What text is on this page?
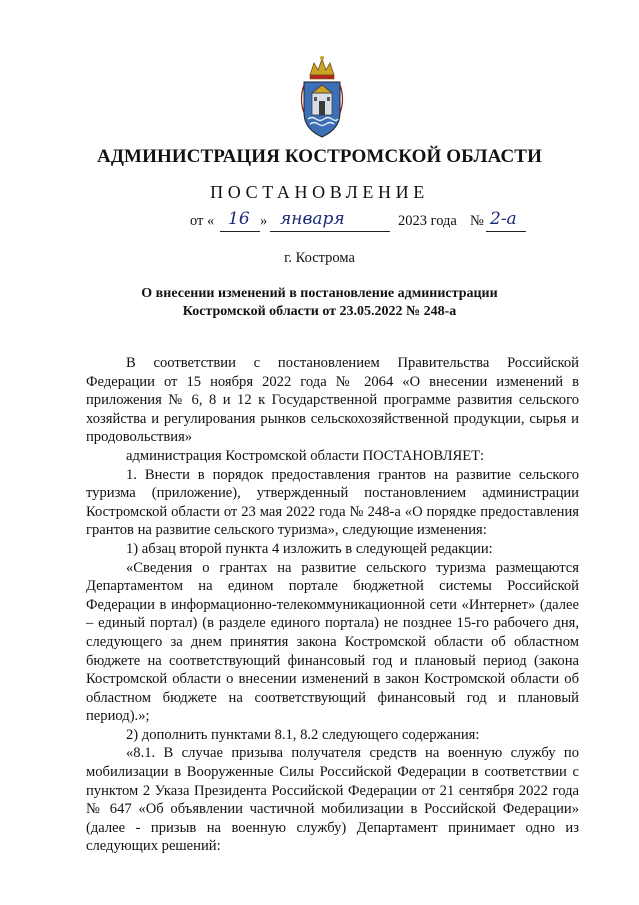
АДМИНИСТРАЦИЯ КОСТРОМСКОЙ ОБЛАСТИ
ПОСТАНОВЛЕНИЕ
от « 16 » января	2023 года № 2-а
г. Кострома
О внесении изменений в постановление администрации
Костромской области от 23.05.2022 № 248-а

В соответствии с постановлением Правительства Российской Федерации от 15 ноября 2022 года № 2064 «О внесении изменений в приложения № 6, 8 и 12 к Государственной программе развития сельского хозяйства и регулирования рынков сельскохозяйственной продукции, сырья и продовольствия»

администрация Костромской области ПОСТАНОВЛЯЕТ:

1. Внести в порядок предоставления грантов на развитие сельского туризма (приложение), утвержденный постановлением администрации Костромской области от 23 мая 2022 года № 248-а «О порядке предоставления грантов на развитие сельского туризма», следующие изменения:

1) абзац второй пункта 4 изложить в следующей редакции:

«Сведения о грантах на развитие сельского туризма размещаются Департаментом на едином портале бюджетной системы Российской Федерации в информационно-телекоммуникационной сети «Интернет» (далее – единый портал) (в разделе единого портала) не позднее 15-го рабочего дня, следующего за днем принятия закона Костромской области об областном бюджете на соответствующий финансовый год и плановый период (закона Костромской области о внесении изменений в закон Костромской области об областном бюджете на соответствующий финансовый год и плановый период).»;

2) дополнить пунктами 8.1, 8.2 следующего содержания:

«8.1. В случае призыва получателя средств на военную службу по мобилизации в Вооруженные Силы Российской Федерации в соответствии с пунктом 2 Указа Президента Российской Федерации от 21 сентября 2022 года № 647 «Об объявлении частичной мобилизации в Российской Федерации» (далее - призыв на военную службу) Департамент принимает одно из следующих решений:
